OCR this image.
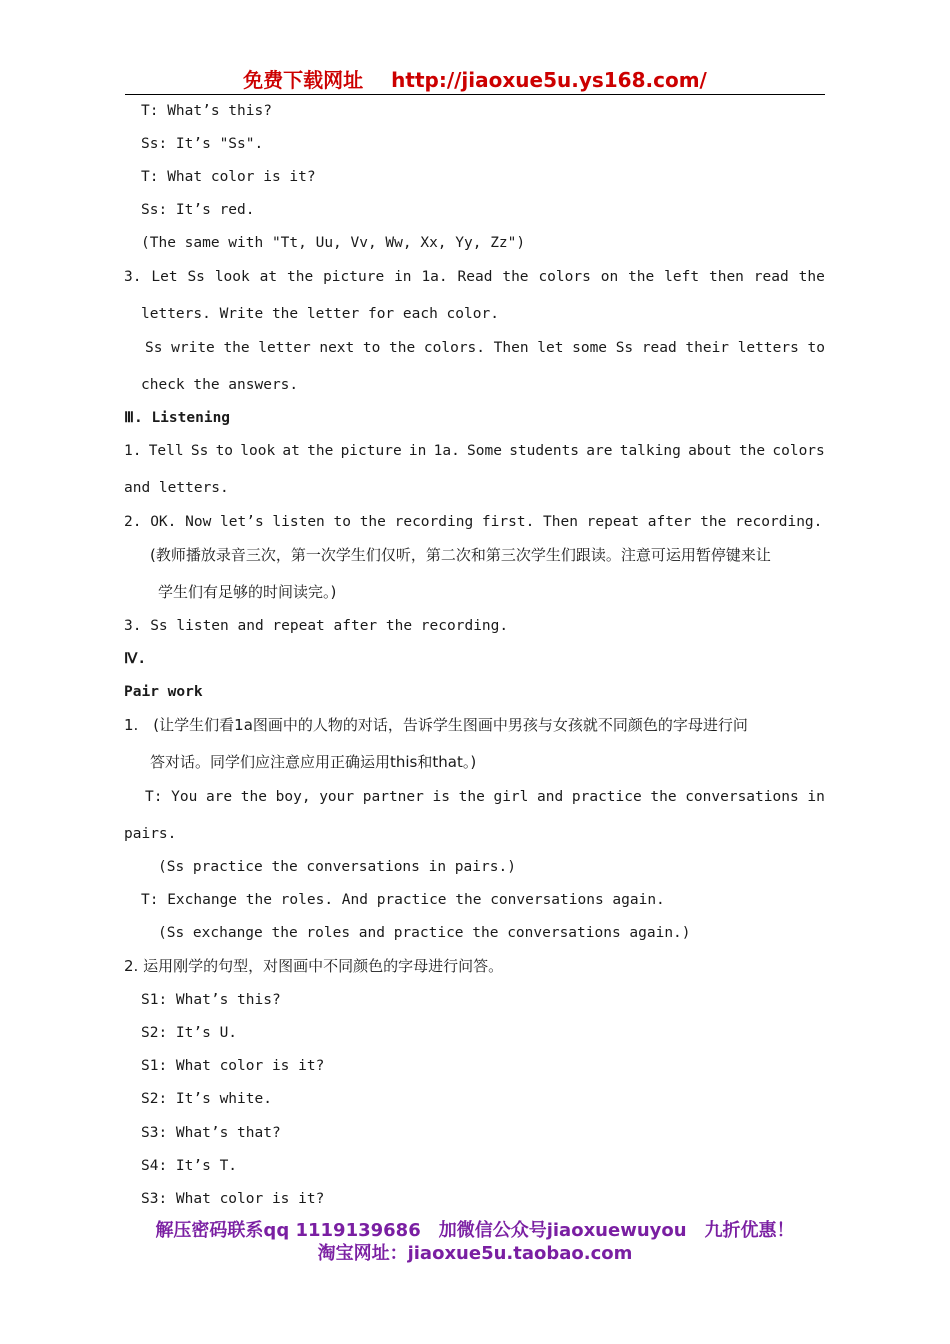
免费下载网址 http://jiaoxue5u.ys168.com/
T: What’s this?
Ss: It’s "Ss".
T: What color is it?
Ss: It’s red.
(The same with "Tt, Uu, Vv, Ww, Xx, Yy, Zz")
3. Let Ss look at the picture in 1a. Read the colors on the left then read the
letters. Write the letter for each color.
Ss write the letter next to the colors. Then let some Ss read their letters to
check the answers.
Ⅲ. Listening
1. Tell Ss to look at the picture in 1a. Some students are talking about the colors
and letters.
2. OK. Now let’s listen to the recording first. Then repeat after the recording.
(教师播放录音三次，第一次学生们仅听，第二次和第三次学生们跟读。注意可运用暂停键来让
学生们有足够的时间读完。)
3. Ss listen and repeat after the recording.
Ⅳ.
Pair work
1.　(让学生们看1a图画中的人物的对话，告诉学生图画中男孩与女孩就不同颜色的字母进行问
答对话。同学们应注意应用正确运用this和that。)
T: You are the boy, your partner is the girl and practice the conversations in
pairs.
(Ss practice the conversations in pairs.)
T: Exchange the roles. And practice the conversations again.
(Ss exchange the roles and practice the conversations again.)
2. 运用刚学的句型，对图画中不同颜色的字母进行问答。
S1: What’s this?
S2: It’s U.
S1: What color is it?
S2: It’s white.
S3: What’s that?
S4: It’s T.
S3: What color is it?
解压密码联系qq 1119139686　加微信公众号jiaoxuewuyou　九折优惠！
淘宝网址：jiaoxue5u.taobao.com
